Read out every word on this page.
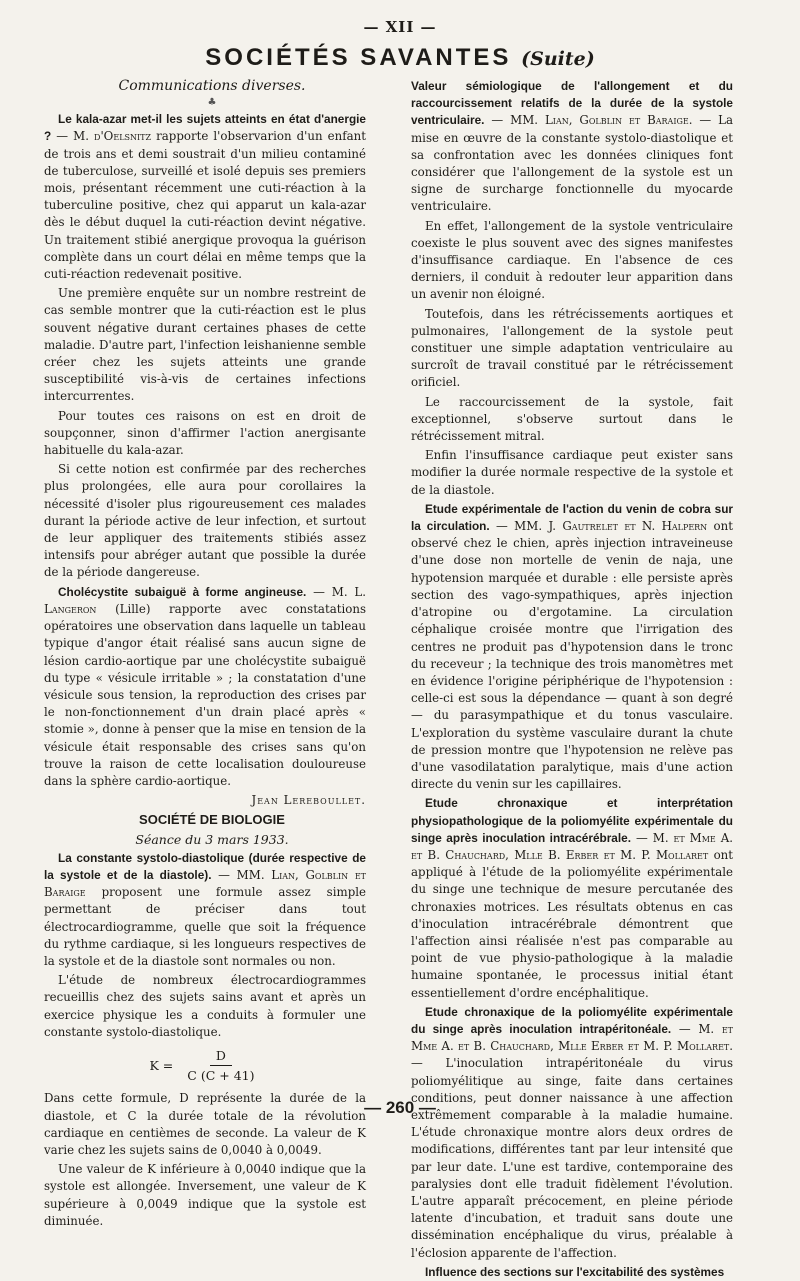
— XII —

SOCIÉTÉS SAVANTES (Suite)

Communications diverses.

♣

Le kala-azar met-il les sujets atteints en état d'anergie ? — M. d'Oelsnitz rapporte l'observarion d'un enfant de trois ans et demi soustrait d'un milieu contaminé de tuberculose, surveillé et isolé depuis ses premiers mois, présentant récemment une cuti-réaction à la tuberculine positive, chez qui apparut un kala-azar dès le début duquel la cuti-réaction devint négative. Un traitement stibié anergique provoqua la guérison complète dans un court délai en même temps que la cuti-réaction redevenait positive.

Une première enquête sur un nombre restreint de cas semble montrer que la cuti-réaction est le plus souvent négative durant certaines phases de cette maladie. D'autre part, l'infection leishanienne semble créer chez les sujets atteints une grande susceptibilité vis-à-vis de certaines infections intercurrentes.

Pour toutes ces raisons on est en droit de soupçonner, sinon d'affirmer l'action anergisante habituelle du kala-azar.

Si cette notion est confirmée par des recherches plus prolongées, elle aura pour corollaires la nécessité d'isoler plus rigoureusement ces malades durant la période active de leur infection, et surtout de leur appliquer des traitements stibiés assez intensifs pour abréger autant que possible la durée de la période dangereuse.

Cholécystite subaiguë à forme angineuse. — M. L. Langeron (Lille) rapporte avec constatations opératoires une observation dans laquelle un tableau typique d'angor était réalisé sans aucun signe de lésion cardio-aortique par une cholécystite subaiguë du type « vésicule irritable » ; la constatation d'une vésicule sous tension, la reproduction des crises par le non-fonctionnement d'un drain placé après « stomie », donne à penser que la mise en tension de la vésicule était responsable des crises sans qu'on trouve la raison de cette localisation douloureuse dans la sphère cardio-aortique.

Jean Lereboullet.

SOCIÉTÉ DE BIOLOGIE

Séance du 3 mars 1933.

La constante systolo-diastolique (durée respective de la systole et de la diastole). — MM. Lian, Golblin et Baraige proposent une formule assez simple permettant de préciser dans tout électrocardiogramme, quelle que soit la fréquence du rythme cardiaque, si les longueurs respectives de la systole et de la diastole sont normales ou non.

L'étude de nombreux électrocardiogrammes recueillis chez des sujets sains avant et après un exercice physique les a conduits à formuler une constante systolo-diastolique.

$K = \frac{D}{C (C + 41)}$

Dans cette formule, D représente la durée de la diastole, et C la durée totale de la révolution cardiaque en centièmes de seconde. La valeur de K varie chez les sujets sains de 0,0040 à 0,0049.

Une valeur de K inférieure à 0,0040 indique que la systole est allongée. Inversement, une valeur de K supérieure à 0,0049 indique que la systole est diminuée.

Valeur sémiologique de l'allongement et du raccourcissement relatifs de la durée de la systole ventriculaire. — MM. Lian, Golblin et Baraige. — La mise en œuvre de la constante systolo-diastolique et sa confrontation avec les données cliniques font considérer que l'allongement de la systole est un signe de surcharge fonctionnelle du myocarde ventriculaire.

En effet, l'allongement de la systole ventriculaire coexiste le plus souvent avec des signes manifestes d'insuffisance cardiaque. En l'absence de ces derniers, il conduit à redouter leur apparition dans un avenir non éloigné.

Toutefois, dans les rétrécissements aortiques et pulmonaires, l'allongement de la systole peut constituer une simple adaptation ventriculaire au surcroît de travail constitué par le rétrécissement orificiel.

Le raccourcissement de la systole, fait exceptionnel, s'observe surtout dans le rétrécissement mitral.

Enfin l'insuffisance cardiaque peut exister sans modifier la durée normale respective de la systole et de la diastole.

Etude expérimentale de l'action du venin de cobra sur la circulation. — MM. J. Gautrelet et N. Halpern ont observé chez le chien, après injection intraveineuse d'une dose non mortelle de venin de naja, une hypotension marquée et durable : elle persiste après section des vago-sympathiques, après injection d'atropine ou d'ergotamine. La circulation céphalique croisée montre que l'irrigation des centres ne produit pas d'hypotension dans le tronc du receveur ; la technique des trois manomètres met en évidence l'origine périphérique de l'hypotension : celle-ci est sous la dépendance — quant à son degré — du parasympathique et du tonus vasculaire. L'exploration du système vasculaire durant la chute de pression montre que l'hypotension ne relève pas d'une vasodilatation paralytique, mais d'une action directe du venin sur les capillaires.

Etude chronaxique et interprétation physiopathologique de la poliomyélite expérimentale du singe après inoculation intracérébrale. — M. et Mme A. et B. Chauchard, Mlle B. Erber et M. P. Mollaret ont appliqué à l'étude de la poliomyélite expérimentale du singe une technique de mesure percutanée des chronaxies motrices. Les résultats obtenus en cas d'inoculation intracérébrale démontrent que l'affection ainsi réalisée n'est pas comparable au point de vue physio-pathologique à la maladie humaine spontanée, le processus initial étant essentiellement d'ordre encéphalitique.

Etude chronaxique de la poliomyélite expérimentale du singe après inoculation intrapéritonéale. — M. et Mme A. et B. Chauchard, Mlle Erber et M. P. Mollaret. — L'inoculation intrapéritonéale du virus poliomyélitique au singe, faite dans certaines conditions, peut donner naissance à une affection extrêmement comparable à la maladie humaine. L'étude chronaxique montre alors deux ordres de modifications, différentes tant par leur intensité que par leur date. L'une est tardive, contemporaine des paralysies dont elle traduit fidèlement l'évolution. L'autre apparaît précocement, en pleine période latente d'incubation, et traduit sans doute une dissémination encéphalique du virus, préalable à l'éclosion apparente de l'affection.

Influence des sections sur l'excitabilité des systèmes

— 260 —
